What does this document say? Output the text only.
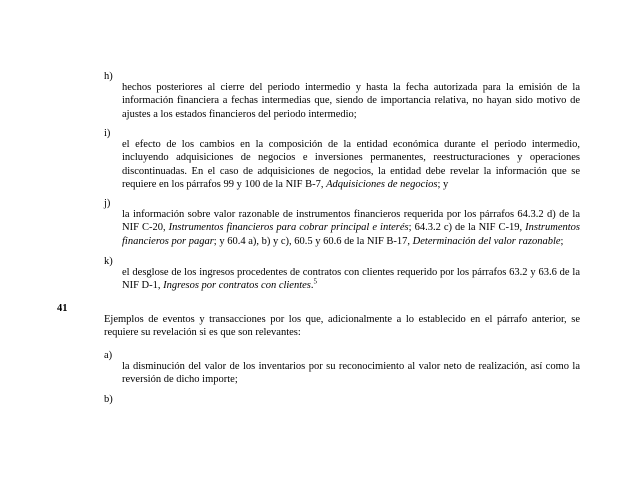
h)
hechos posteriores al cierre del periodo intermedio y hasta la fecha autorizada para la emisión de la información financiera a fechas intermedias que, siendo de importancia relativa, no hayan sido motivo de ajustes a los estados financieros del periodo intermedio;
i)
el efecto de los cambios en la composición de la entidad económica durante el periodo intermedio, incluyendo adquisiciones de negocios e inversiones permanentes, reestructuraciones y operaciones discontinuadas. En el caso de adquisiciones de negocios, la entidad debe revelar la información que se requiere en los párrafos 99 y 100 de la NIF B-7, Adquisiciones de negocios; y
j)
la información sobre valor razonable de instrumentos financieros requerida por los párrafos 64.3.2 d) de la NIF C-20, Instrumentos financieros para cobrar principal e interés; 64.3.2 c) de la NIF C-19, Instrumentos financieros por pagar; y 60.4 a), b) y c), 60.5 y 60.6 de la NIF B-17, Determinación del valor razonable;
k)
el desglose de los ingresos procedentes de contratos con clientes requerido por los párrafos 63.2 y 63.6 de la NIF D-1, Ingresos por contratos con clientes.$^5$
41
Ejemplos de eventos y transacciones por los que, adicionalmente a lo establecido en el párrafo anterior, se requiere su revelación si es que son relevantes:
a)
la disminución del valor de los inventarios por su reconocimiento al valor neto de realización, así como la reversión de dicho importe;
b)
